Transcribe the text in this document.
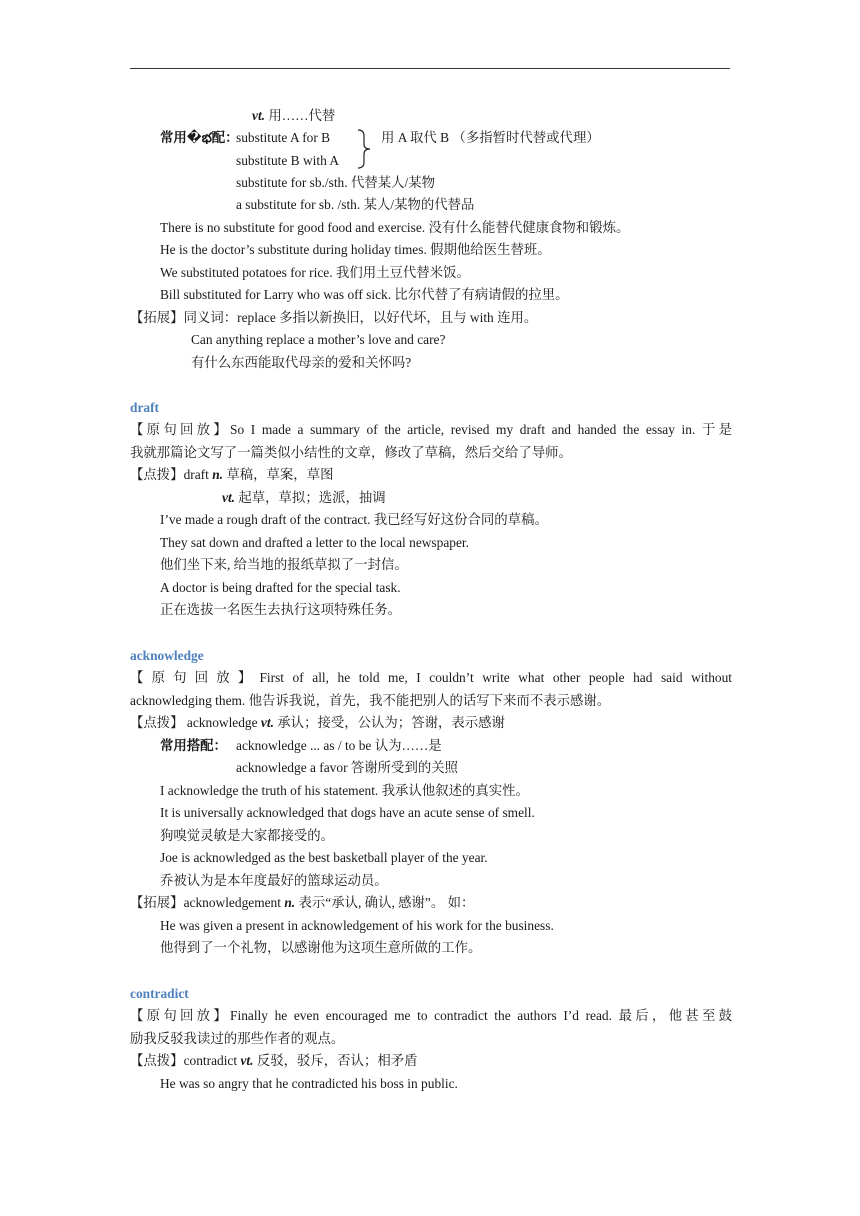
vt. 用……代替
常用�భ配：
substitute A for B	用 A 取代 B （多指暂时代替或代理）
substitute B with A
substitute for sb./sth. 代替某人/某物
a substitute for sb. /sth. 某人/某物的代替品
There is no substitute for good food and exercise. 没有什么能替代健康食物和锻炼。
He is the doctor’s substitute during holiday times. 假期他给医生替班。
We substituted potatoes for rice. 我们用土豆代替米饭。
Bill substituted for Larry who was off sick. 比尔代替了有病请假的拉里。
【拓展】同义词：replace 多指以新换旧，以好代坏，且与 with 连用。
Can anything replace a mother’s love and care?
有什么东西能取代母亲的爱和关怀吗?
draft
【原句回放】So I made a summary of the article, revised my draft and handed the essay in. 于是
我就那篇论文写了一篇类似小结性的文章，修改了草稿，然后交给了导师。
【点拨】draft n. 草稿，草案，草图
vt. 起草，草拟；选派，抽调
I’ve made a rough draft of the contract. 我已经写好这份合同的草稿。
They sat down and drafted a letter to the local newspaper.
他们坐下来, 给当地的报纸草拟了一封信。
A doctor is being drafted for the special task.
正在选拔一名医生去执行这项特殊任务。
acknowledge
【原句回放】First of all, he told me, I couldn’t write what other people had said without
acknowledging them. 他告诉我说，首先，我不能把别人的话写下来而不表示感谢。
【点拨】 acknowledge vt. 承认；接受，公认为；答谢，表示感谢
常用搭配： acknowledge ... as / to be 认为……是
acknowledge a favor 答谢所受到的关照
I acknowledge the truth of his statement. 我承认他叙述的真实性。
It is universally acknowledged that dogs have an acute sense of smell.
狗嗅觉灵敏是大家都接受的。
Joe is acknowledged as the best basketball player of the year.
乔被认为是本年度最好的篮球运动员。
【拓展】acknowledgement n. 表示“承认, 确认, 感谢”。 如：
He was given a present in acknowledgement of his work for the business.
他得到了一个礼物，以感谢他为这项生意所做的工作。
contradict
【原句回放】Finally he even encouraged me to contradict the authors I’d read. 最后，他甚至鼓
励我反驳我读过的那些作者的观点。
【点拨】contradict vt. 反驳，驳斥，否认；相矛盾
He was so angry that he contradicted his boss in public.
